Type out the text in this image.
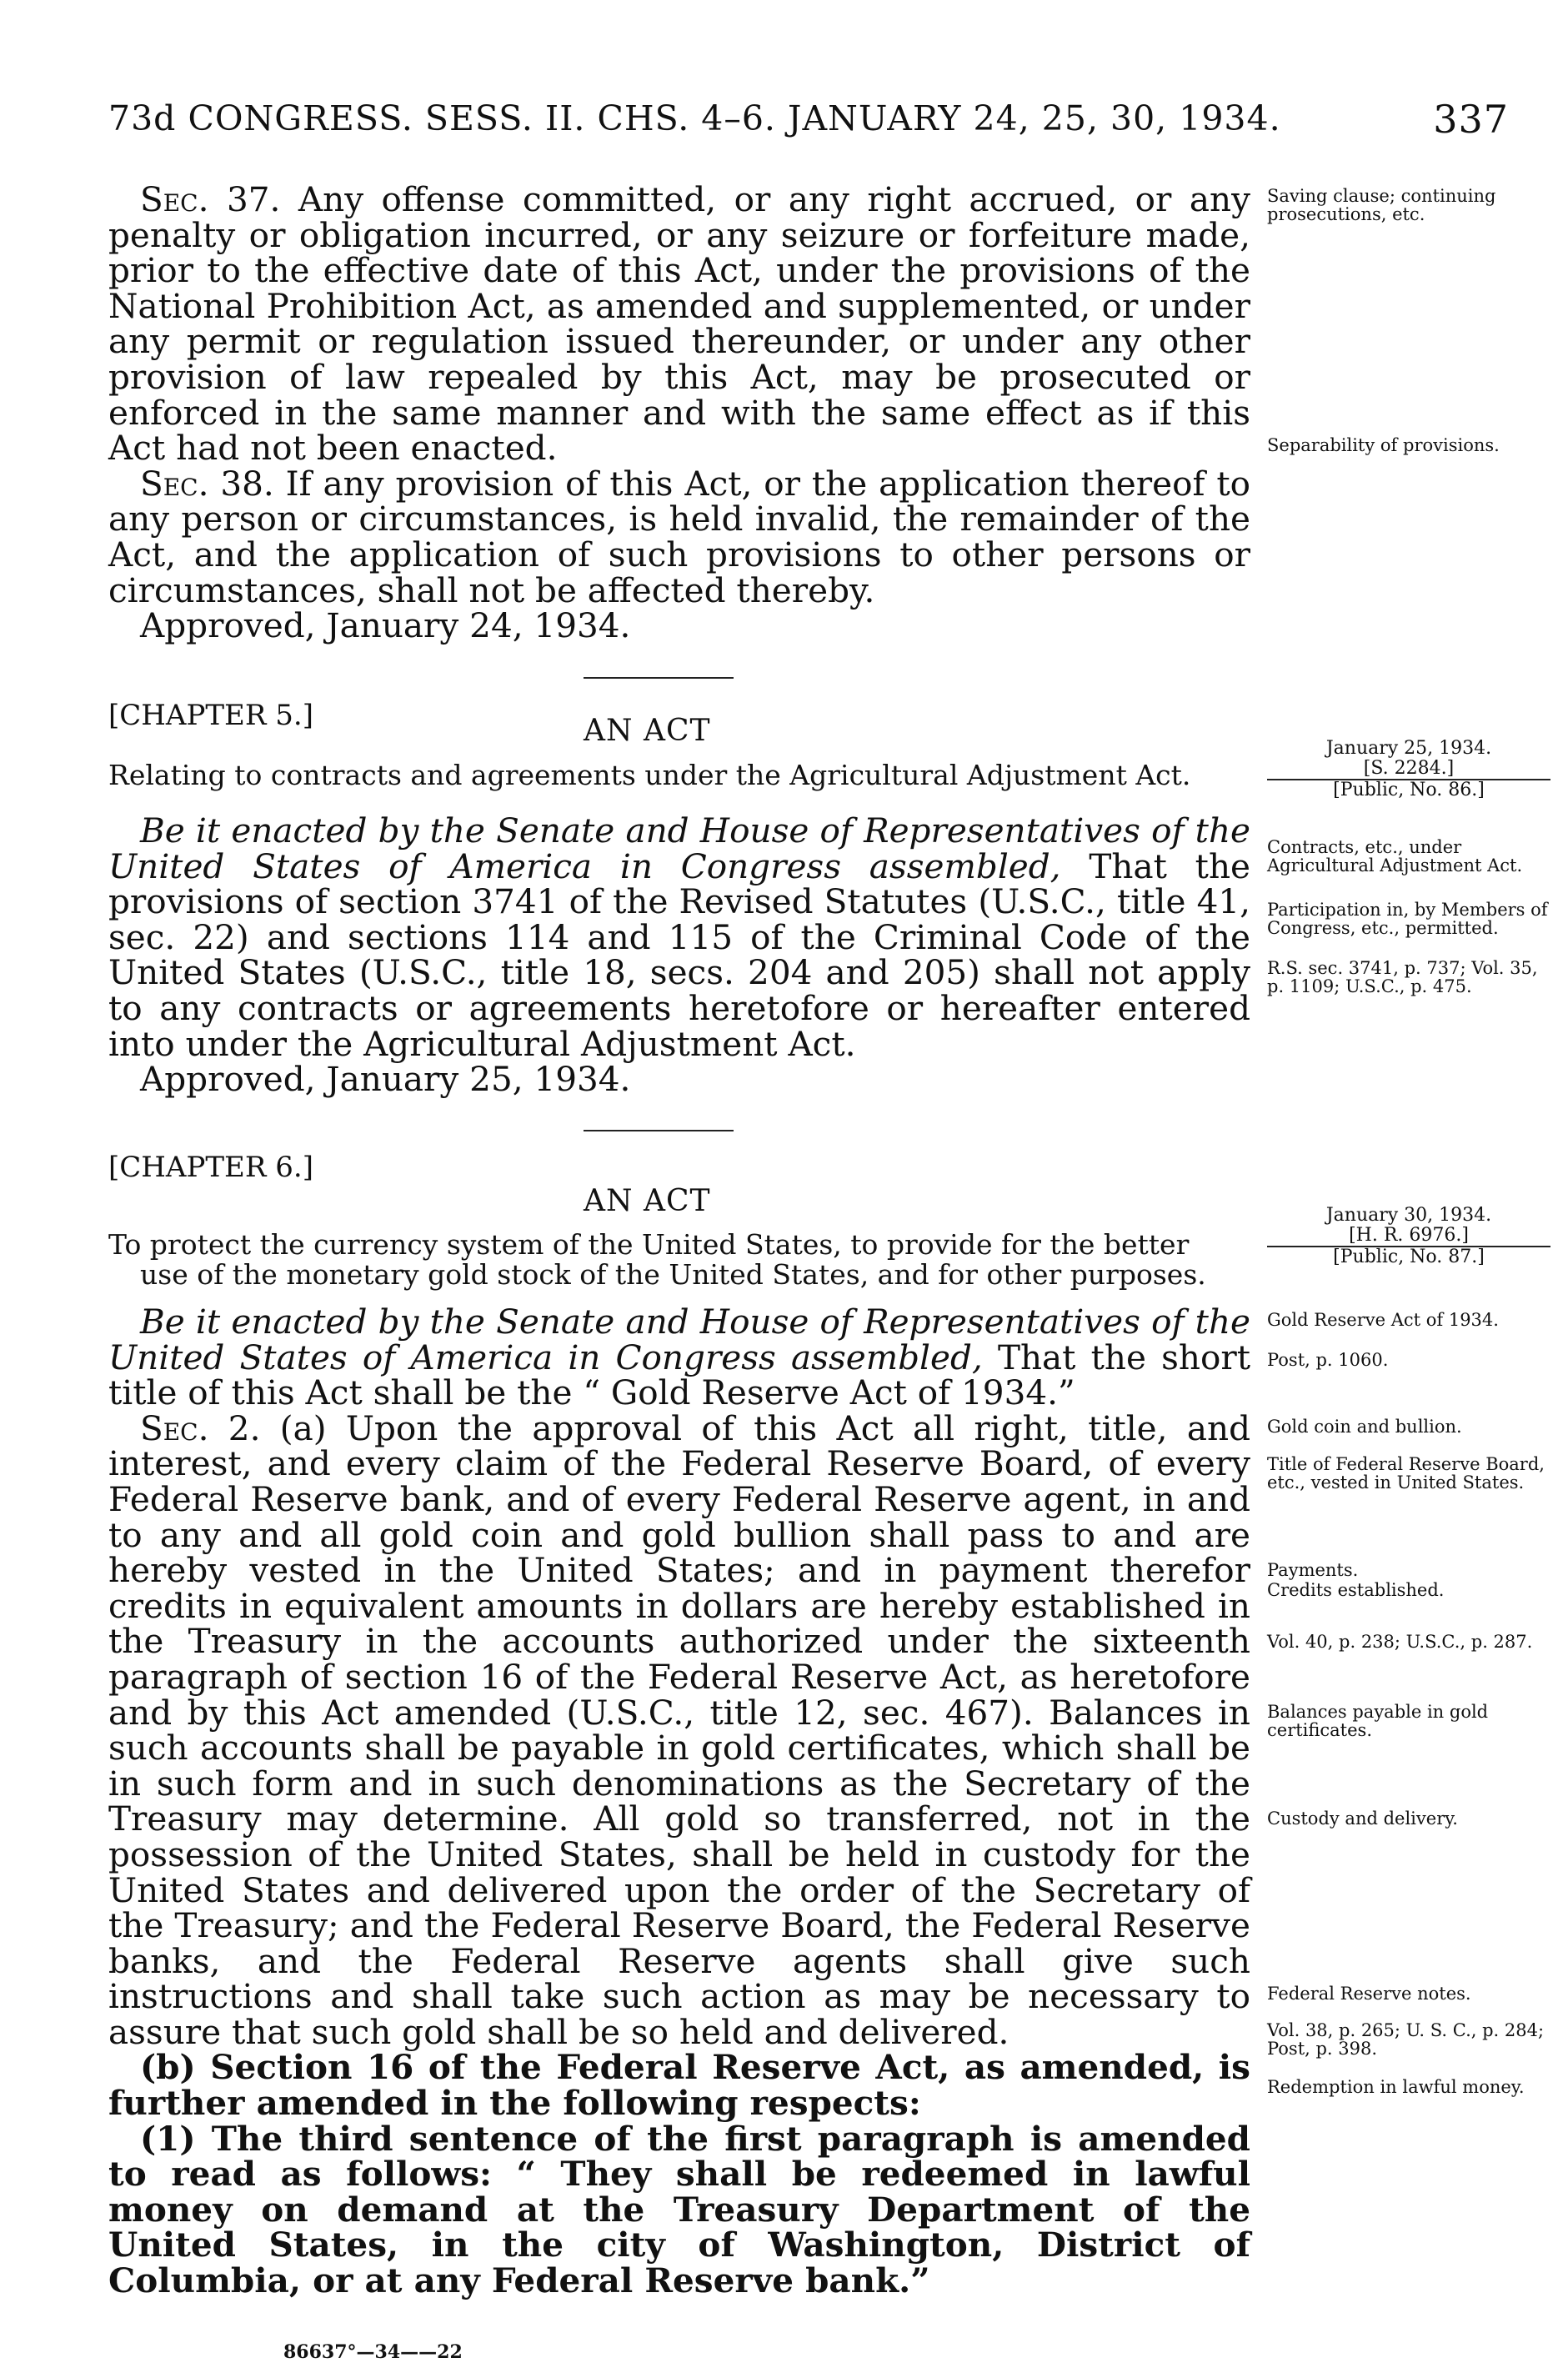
73d CONGRESS. SESS. II. CHS. 4–6. JANUARY 24, 25, 30, 1934.	337

Sec. 37. Any offense committed, or any right accrued, or any penalty or obligation incurred, or any seizure or forfeiture made, prior to the effective date of this Act, under the provisions of the National Prohibition Act, as amended and supplemented, or under any permit or regulation issued thereunder, or under any other provision of law repealed by this Act, may be prosecuted or enforced in the same manner and with the same effect as if this Act had not been enacted.

Sec. 38. If any provision of this Act, or the application thereof to any person or circumstances, is held invalid, the remainder of the Act, and the application of such provisions to other persons or circumstances, shall not be affected thereby.

Approved, January 24, 1934.

Saving clause; continuing prosecutions, etc.
Separability of provisions.
[CHAPTER 5.]	AN ACT
Relating to contracts and agreements under the Agricultural Adjustment Act.
January 25, 1934.
[S. 2284.]
[Public, No. 86.]

Be it enacted by the Senate and House of Representatives of the United States of America in Congress assembled, That the provisions of section 3741 of the Revised Statutes (U.S.C., title 41, sec. 22) and sections 114 and 115 of the Criminal Code of the United States (U.S.C., title 18, secs. 204 and 205) shall not apply to any contracts or agreements heretofore or hereafter entered into under the Agricultural Adjustment Act.

Approved, January 25, 1934.

Contracts, etc., under Agricultural Adjustment Act.
Participation in, by Members of Congress, etc., permitted.
R.S. sec. 3741, p. 737; Vol. 35, p. 1109; U.S.C., p. 475.
[CHAPTER 6.]
AN ACT
To protect the currency system of the United States, to provide for the better
use of the monetary gold stock of the United States, and for other purposes.
January 30, 1934.
[H. R. 6976.]
[Public, No. 87.]

Be it enacted by the Senate and House of Representatives of the United States of America in Congress assembled, That the short title of this Act shall be the “ Gold Reserve Act of 1934.”

Sec. 2. (a) Upon the approval of this Act all right, title, and interest, and every claim of the Federal Reserve Board, of every Federal Reserve bank, and of every Federal Reserve agent, in and to any and all gold coin and gold bullion shall pass to and are hereby vested in the United States; and in payment therefor credits in equivalent amounts in dollars are hereby established in the Treasury in the accounts authorized under the sixteenth paragraph of section 16 of the Federal Reserve Act, as heretofore and by this Act amended (U.S.C., title 12, sec. 467). Balances in such accounts shall be payable in gold certificates, which shall be in such form and in such denominations as the Secretary of the Treasury may determine. All gold so transferred, not in the possession of the United States, shall be held in custody for the United States and delivered upon the order of the Secretary of the Treasury; and the Federal Reserve Board, the Federal Reserve banks, and the Federal Reserve agents shall give such instructions and shall take such action as may be necessary to assure that such gold shall be so held and delivered.

(b) Section 16 of the Federal Reserve Act, as amended, is further amended in the following respects:

(1) The third sentence of the first paragraph is amended to read as follows: “ They shall be redeemed in lawful money on demand at the Treasury Department of the United States, in the city of Washington, District of Columbia, or at any Federal Reserve bank.”

Gold Reserve Act of 1934.
Post, p. 1060.
Gold coin and bullion.
Title of Federal Reserve Board, etc., vested in United States.
Payments.
Credits established.
Vol. 40, p. 238; U.S.C., p. 287.
Balances payable in gold certificates.
Custody and delivery.
Federal Reserve notes.
Vol. 38, p. 265; U. S. C., p. 284; Post, p. 398.
Redemption in lawful money.
86637°—34——22
